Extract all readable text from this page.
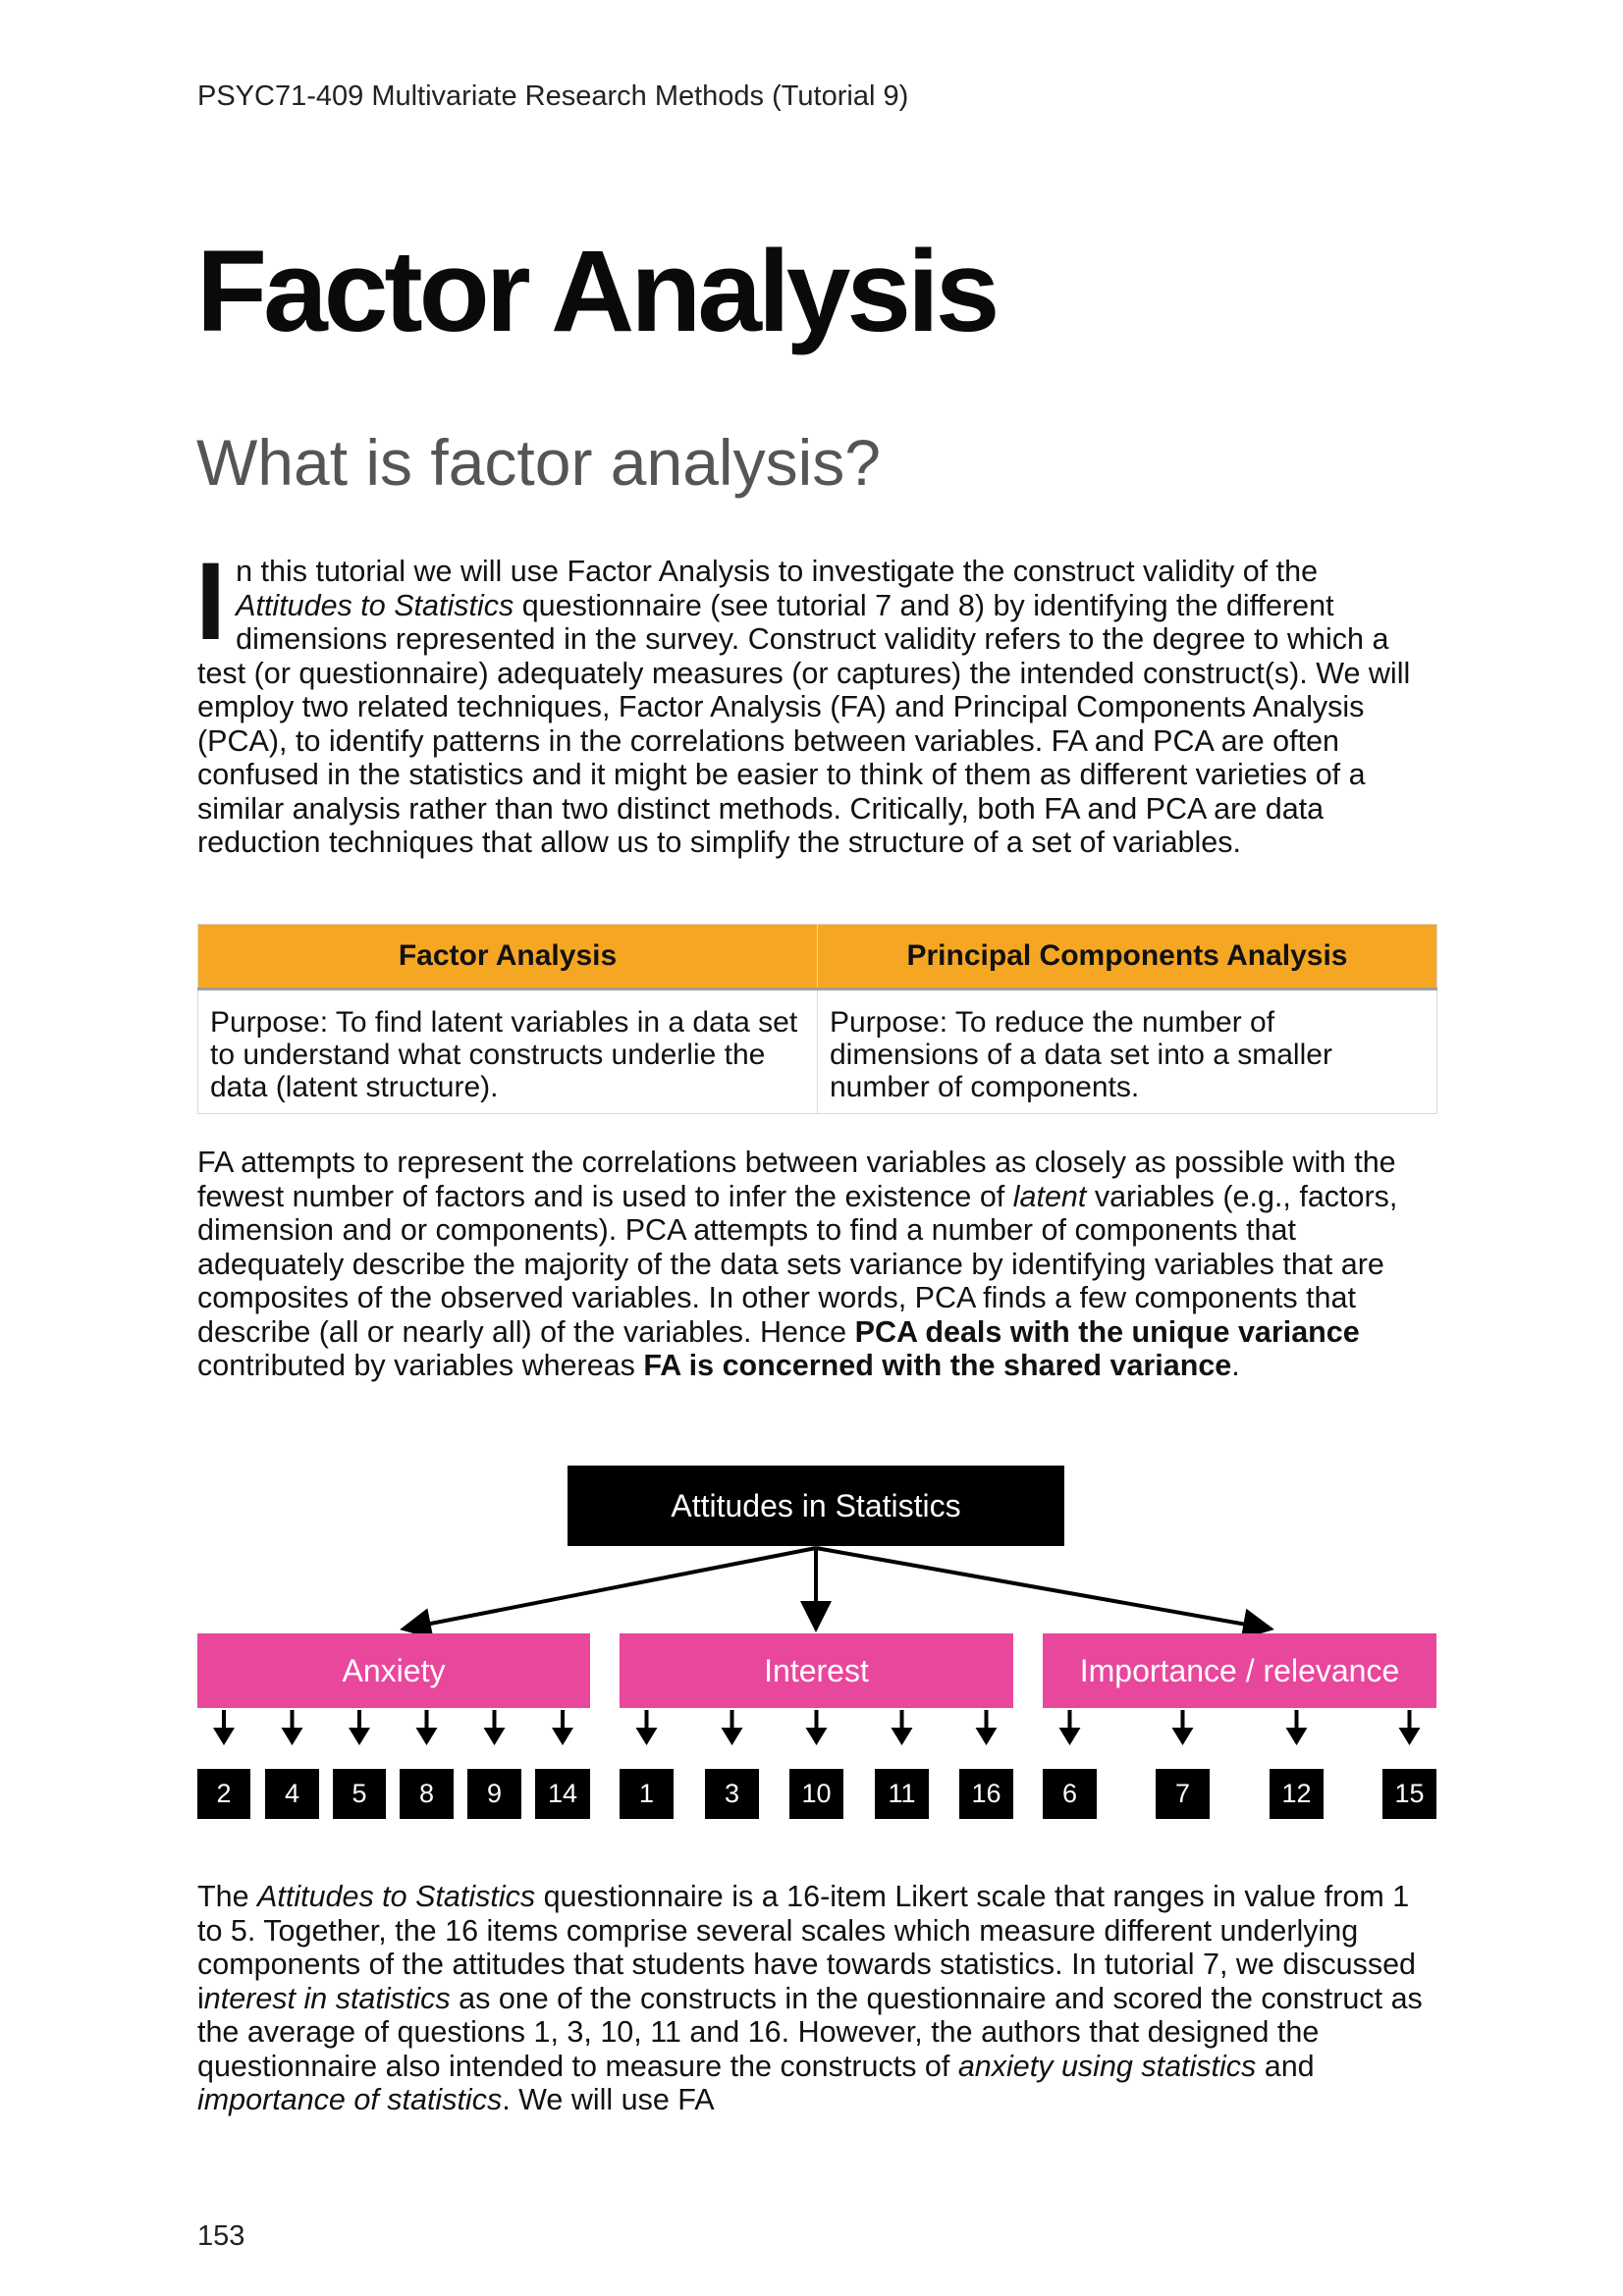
PSYC71-409 Multivariate Research Methods (Tutorial 9)
Factor Analysis
What is factor analysis?

In this tutorial we will use Factor Analysis to investigate the construct validity of the Attitudes to Statistics questionnaire (see tutorial 7 and 8) by identifying the different dimensions represented in the survey. Construct validity refers to the degree to which a test (or questionnaire) adequately measures (or captures) the intended construct(s). We will employ two related techniques, Factor Analysis (FA) and Principal Components Analysis (PCA), to identify patterns in the correlations between variables. FA and PCA are often confused in the statistics and it might be easier to think of them as different varieties of a similar analysis rather than two distinct methods. Critically, both FA and PCA are data reduction techniques that allow us to simplify the structure of a set of variables.

Factor Analysis	Principal Components Analysis
Purpose: To find latent variables in a data set to understand what constructs underlie the data (latent structure).	Purpose: To reduce the number of dimensions of a data set into a smaller number of components.

FA attempts to represent the correlations between variables as closely as possible with the fewest number of factors and is used to infer the existence of latent variables (e.g., factors, dimension and or components). PCA attempts to find a number of components that adequately describe the majority of the data sets variance by identifying variables that are composites of the observed variables. In other words, PCA finds a few components that describe (all or nearly all) of the variables. Hence PCA deals with the unique variance contributed by variables whereas FA is concerned with the shared variance.

Attitudes in Statistics
Anxiety	Interest	Importance / relevance
2	4	5	8	9	14	1	3	10	11	16	6	7	12	15

The Attitudes to Statistics questionnaire is a 16-item Likert scale that ranges in value from 1 to 5. Together, the 16 items comprise several scales which measure different underlying components of the attitudes that students have towards statistics. In tutorial 7, we discussed interest in statistics as one of the constructs in the questionnaire and scored the construct as the average of questions 1, 3, 10, 11 and 16. However, the authors that designed the questionnaire also intended to measure the constructs of anxiety using statistics and importance of statistics. We will use FA

153
